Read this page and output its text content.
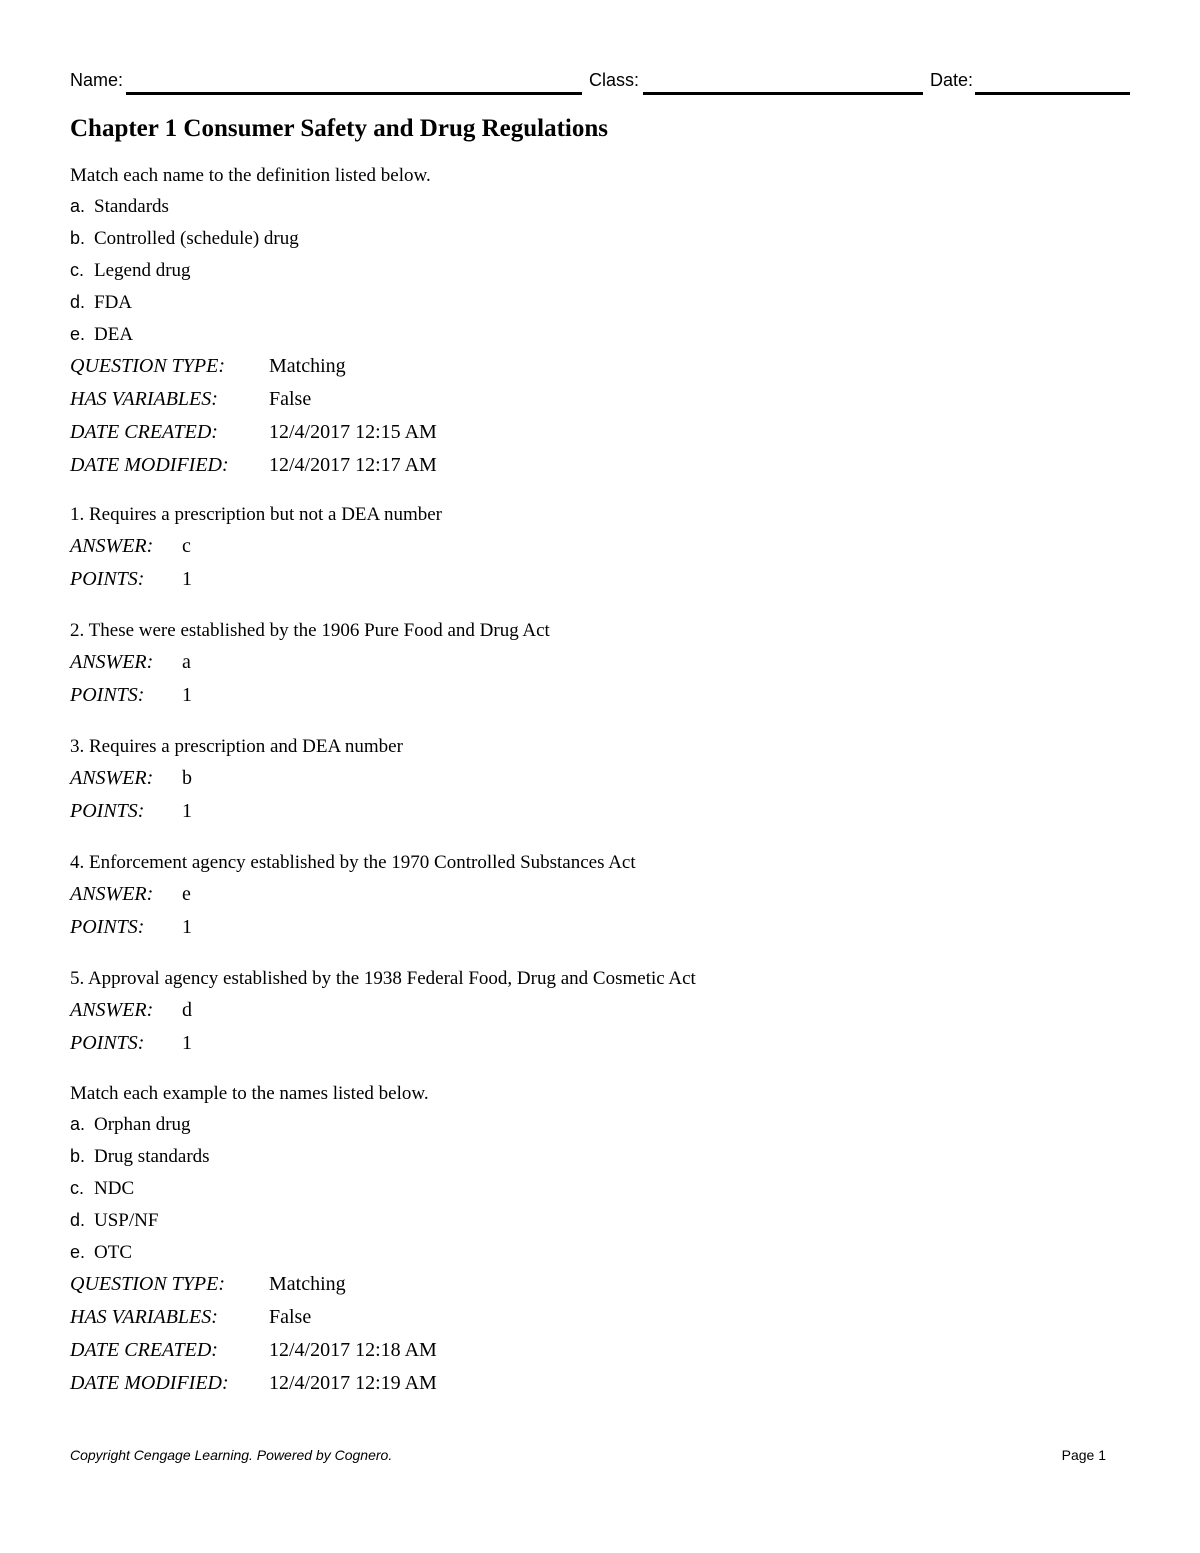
Name:	Class:	Date:
Chapter 1 Consumer Safety and Drug Regulations
Match each name to the definition listed below.
a. Standards
b. Controlled (schedule) drug
c. Legend drug
d. FDA
e. DEA
QUESTION TYPE: Matching
HAS VARIABLES:	False
DATE CREATED:	12/4/2017 12:15 AM
DATE MODIFIED: 12/4/2017 12:17 AM
1. Requires a prescription but not a DEA number
ANSWER: c
POINTS: 1
2. These were established by the 1906 Pure Food and Drug Act
ANSWER: a
POINTS: 1
3. Requires a prescription and DEA number
ANSWER: b
POINTS: 1
4. Enforcement agency established by the 1970 Controlled Substances Act
ANSWER: e
POINTS: 1
5. Approval agency established by the 1938 Federal Food, Drug and Cosmetic Act
ANSWER: d
POINTS: 1
Match each example to the names listed below.
a. Orphan drug
b. Drug standards
c. NDC
d. USP/NF
e. OTC
QUESTION TYPE: Matching
HAS VARIABLES:	False
DATE CREATED:	12/4/2017 12:18 AM
DATE MODIFIED: 12/4/2017 12:19 AM
Copyright Cengage Learning. Powered by Cognero.	Page 1
